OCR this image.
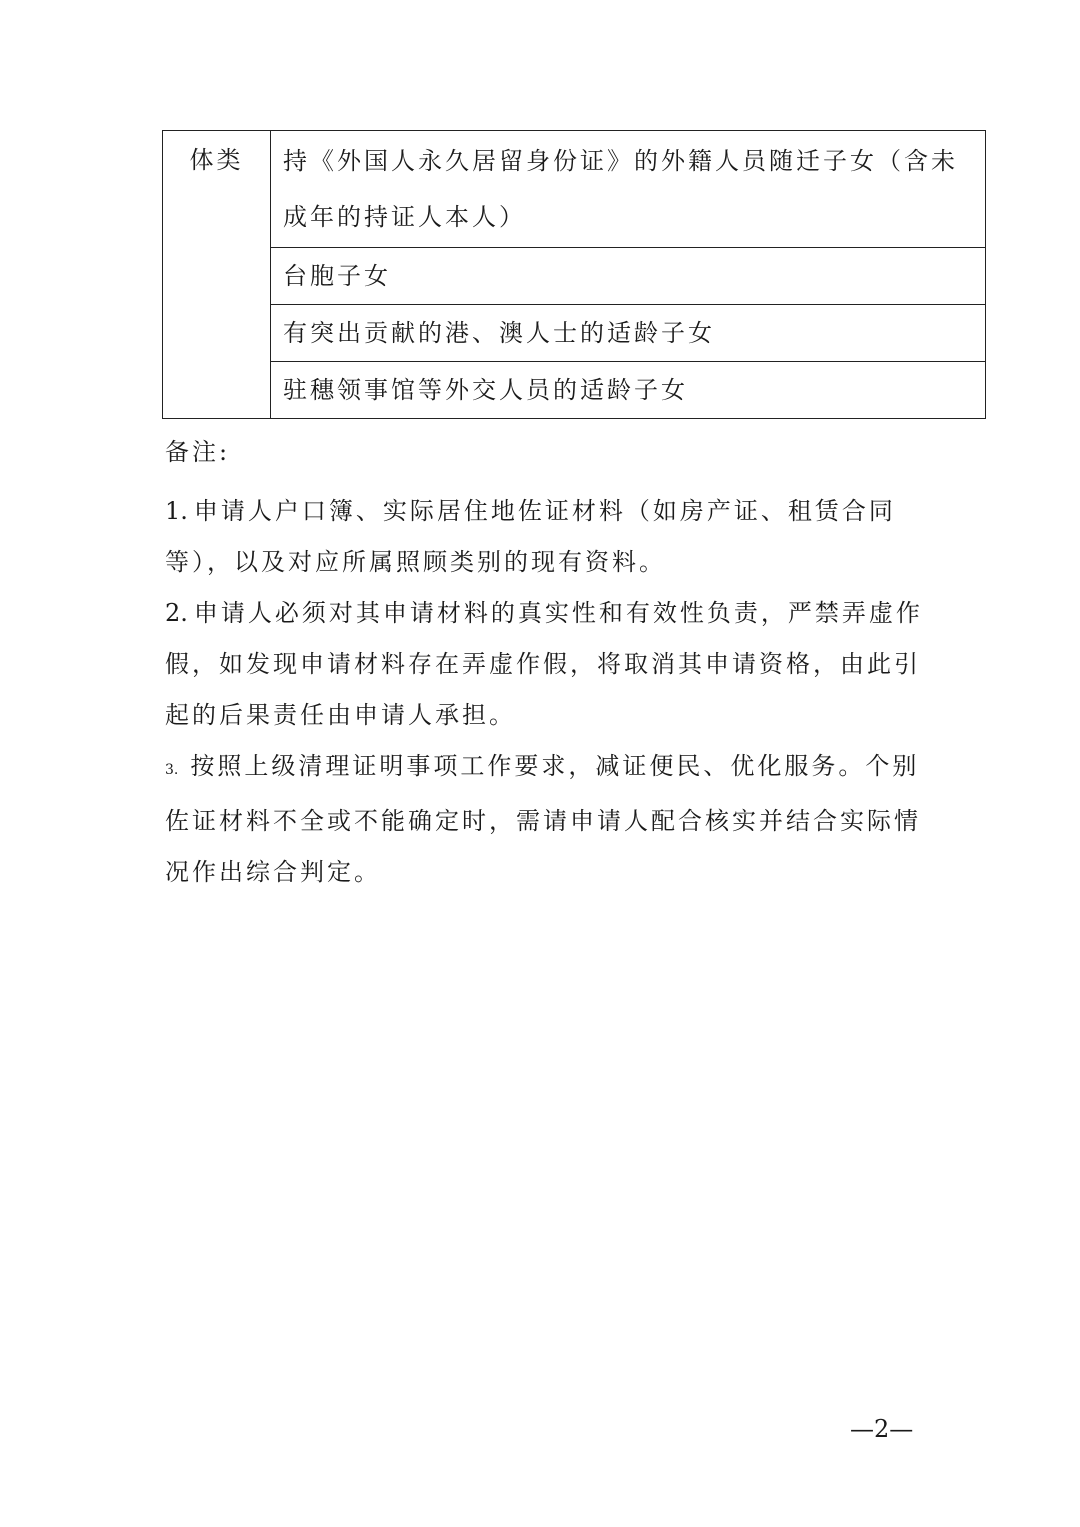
体类	持《外国人永久居留身份证》的外籍人员随迁子女（含未成年的持证人本人）
台胞子女
有突出贡献的港、澳人士的适龄子女
驻穗领事馆等外交人员的适龄子女

备注:

1. 申请人户口簿、实际居住地佐证材料（如房产证、租赁合同等），以及对应所属照顾类别的现有资料。

2. 申请人必须对其申请材料的真实性和有效性负责，严禁弄虚作假，如发现申请材料存在弄虚作假，将取消其申请资格，由此引起的后果责任由申请人承担。

3. 按照上级清理证明事项工作要求，减证便民、优化服务。个别佐证材料不全或不能确定时，需请申请人配合核实并结合实际情况作出综合判定。

—2—
